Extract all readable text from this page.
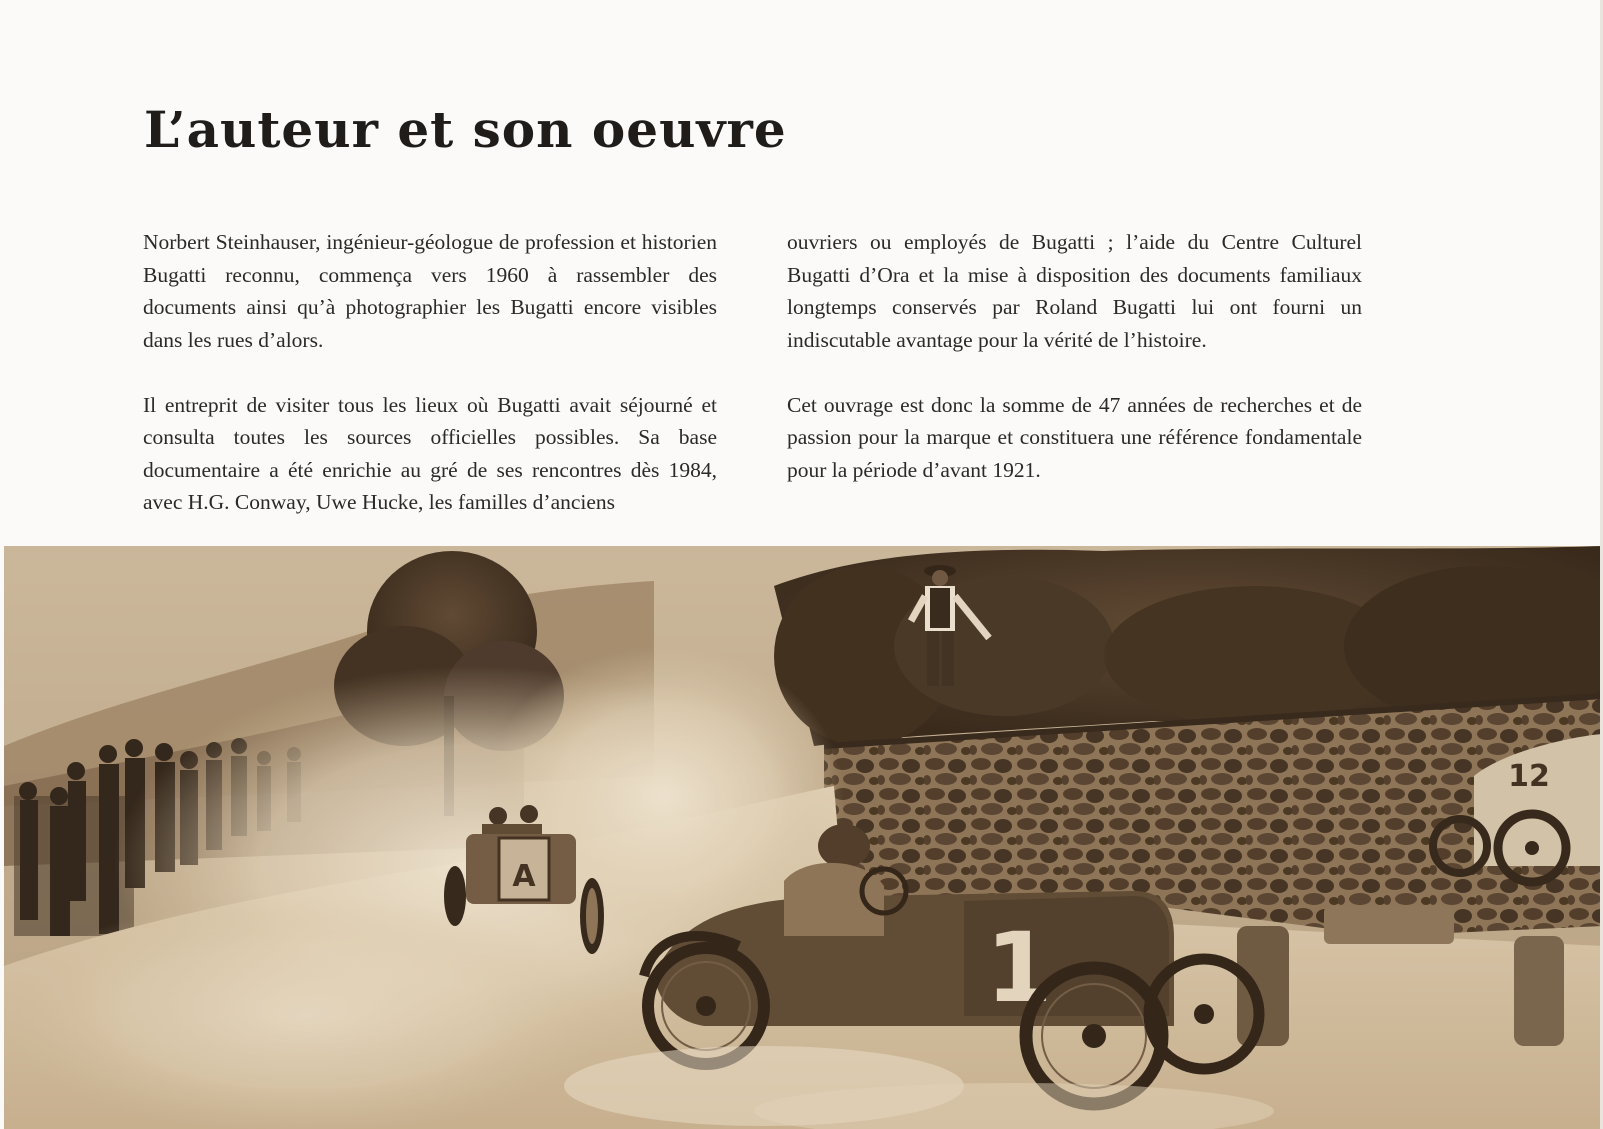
L’auteur et son oeuvre

Norbert Steinhauser, ingénieur-géologue de profession et historien Bugatti reconnu, commença vers 1960 à rassembler des documents ainsi qu’à photographier les Bugatti encore visibles dans les rues d’alors.

Il entreprit de visiter tous les lieux où Bugatti avait séjourné et consulta toutes les sources officielles possibles. Sa base documentaire a été enrichie au gré de ses rencontres dès 1984, avec H.G. Conway, Uwe Hucke, les familles d’anciens

ouvriers ou employés de Bugatti ; l’aide du Centre Culturel Bugatti d’Ora et la mise à disposition des documents familiaux longtemps conservés par Roland Bugatti lui ont fourni un indiscutable avantage pour la vérité de l’histoire.

Cet ouvrage est donc la somme de 47 années de recherches et de passion pour la marque et constituera une référence fondamentale pour la période d’avant 1921.

A
12
1
